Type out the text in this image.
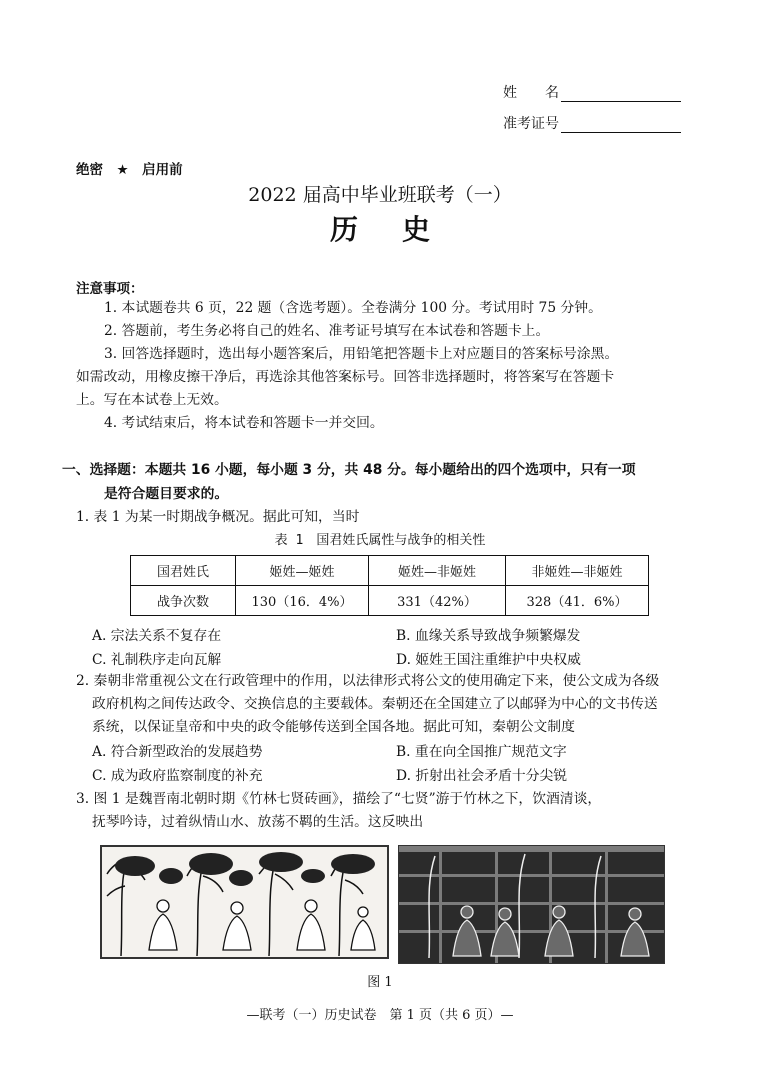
姓　　名
准考证号
绝密　★　启用前
2022 届高中毕业班联考（一）
历史
注意事项：
1. 本试题卷共 6 页，22 题（含选考题）。全卷满分 100 分。考试用时 75 分钟。
2. 答题前，考生务必将自己的姓名、准考证号填写在本试卷和答题卡上。
3. 回答选择题时，选出每小题答案后，用铅笔把答题卡上对应题目的答案标号涂黑。
如需改动，用橡皮擦干净后，再选涂其他答案标号。回答非选择题时，将答案写在答题卡
上。写在本试卷上无效。
4. 考试结束后，将本试卷和答题卡一并交回。
一、选择题：本题共 16 小题，每小题 3 分，共 48 分。每小题给出的四个选项中，只有一项
是符合题目要求的。
1. 表 1 为某一时期战争概况。据此可知，当时
表 1　国君姓氏属性与战争的相关性
国君姓氏	姬姓—姬姓	姬姓—非姬姓	非姬姓—非姬姓
战争次数	130（16．4%）	331（42%）	328（41．6%）
A. 宗法关系不复存在	B. 血缘关系导致战争频繁爆发
C. 礼制秩序走向瓦解	D. 姬姓王国注重维护中央权威
2. 秦朝非常重视公文在行政管理中的作用，以法律形式将公文的使用确定下来，使公文成为各级
政府机构之间传达政令、交换信息的主要载体。秦朝还在全国建立了以邮驿为中心的文书传送
系统，以保证皇帝和中央的政令能够传送到全国各地。据此可知，秦朝公文制度
A. 符合新型政治的发展趋势	B. 重在向全国推广规范文字
C. 成为政府监察制度的补充	D. 折射出社会矛盾十分尖锐
3. 图 1 是魏晋南北朝时期《竹林七贤砖画》，描绘了“七贤”游于竹林之下，饮酒清谈，
抚琴吟诗，过着纵情山水、放荡不羁的生活。这反映出
图 1
—联考（一）历史试卷　第 1 页（共 6 页）—
